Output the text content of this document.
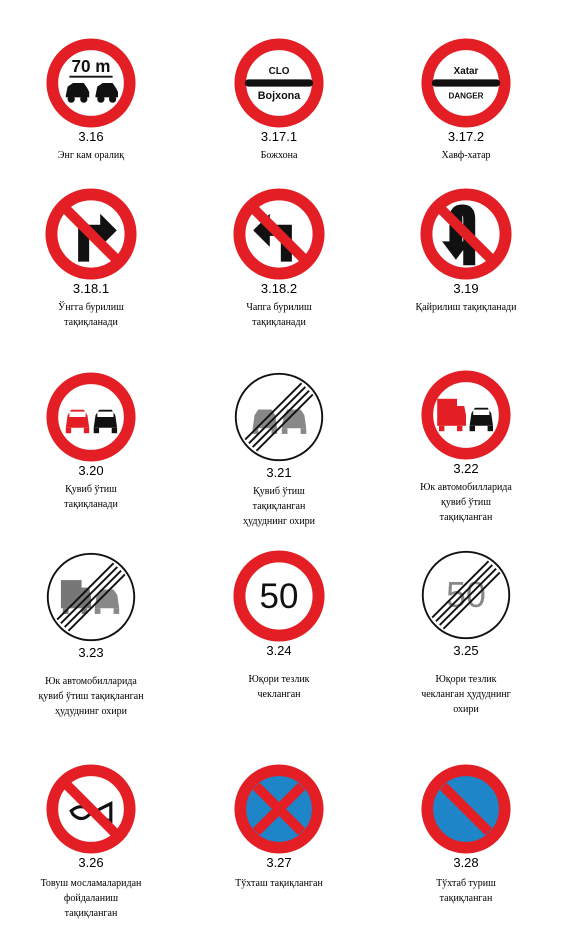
70 m
3.16
Энг кам оралиқ
CLO
Bojxona
3.17.1
Божхона
Xatar
DANGER
3.17.2
Хавф-хатар
3.18.1
Ўнгга бурилиш
тақиқланади
3.18.2
Чапга бурилиш
тақиқланади
3.19
Қайрилиш тақиқланади
3.20
Қувиб ўтиш
тақиқланади
3.21
Қувиб ўтиш
тақиқланган
ҳудуднинг охири
3.22
Юк автомобилларида
қувиб ўтиш
тақиқланган
3.23
Юк автомобилларида
қувиб ўтиш тақиқланган
ҳудуднинг охири
50
3.24
Юқори тезлик
чекланган
50
3.25
Юқори тезлик
чекланган ҳудуднинг
охири
3.26
Товуш мосламаларидан
фойдаланиш
тақиқланган
3.27
Тўхташ тақиқланган
3.28
Тўхтаб туриш
тақиқланган
